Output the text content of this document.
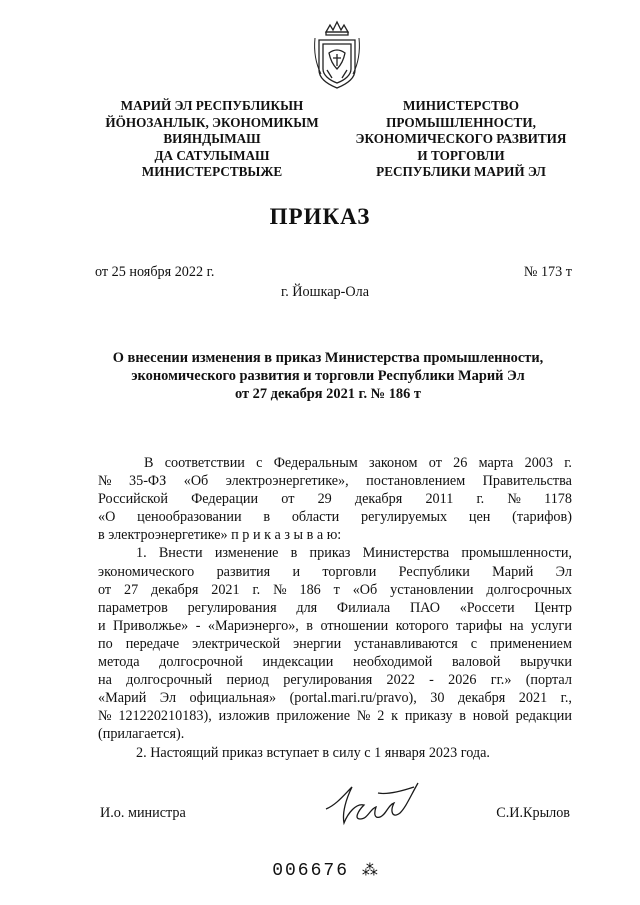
МАРИЙ ЭЛ РЕСПУБЛИКЫН
ЙӦНОЗАНЛЫК, ЭКОНОМИКЫМ
ВИЯНДЫМАШ
ДА САТУЛЫМАШ
МИНИСТЕРСТВЫЖЕ
МИНИСТЕРСТВО
ПРОМЫШЛЕННОСТИ,
ЭКОНОМИЧЕСКОГО РАЗВИТИЯ
И ТОРГОВЛИ
РЕСПУБЛИКИ МАРИЙ ЭЛ
ПРИКАЗ
от 25 ноября 2022 г.	№ 173 т
г. Йошкар-Ола
О внесении изменения в приказ Министерства промышленности,
экономического развития и торговли Республики Марий Эл
от 27 декабря 2021 г. № 186 т
В соответствии с Федеральным законом от 26 марта 2003 г.
№ 35-ФЗ «Об электроэнергетике», постановлением Правительства
Российской Федерации от 29 декабря 2011 г. № 1178
«О ценообразовании в области регулируемых цен (тарифов)
в электроэнергетике» п р и к а з ы в а ю:
1. Внести изменение в приказ Министерства промышленности,
экономического развития и торговли Республики Марий Эл
от 27 декабря 2021 г. № 186 т «Об установлении долгосрочных
параметров регулирования для Филиала ПАО «Россети Центр
и Приволжье» - «Мариэнерго», в отношении которого тарифы на услуги
по передаче электрической энергии устанавливаются с применением
метода долгосрочной индексации необходимой валовой выручки
на долгосрочный период регулирования 2022 - 2026 гг.» (портал
«Марий Эл официальная» (portal.mari.ru/pravo), 30 декабря 2021 г.,
№ 121220210183), изложив приложение № 2 к приказу в новой редакции
(прилагается).
2. Настоящий приказ вступает в силу с 1 января 2023 года.
И.о. министра	С.И.Крылов
006676 ⁂
